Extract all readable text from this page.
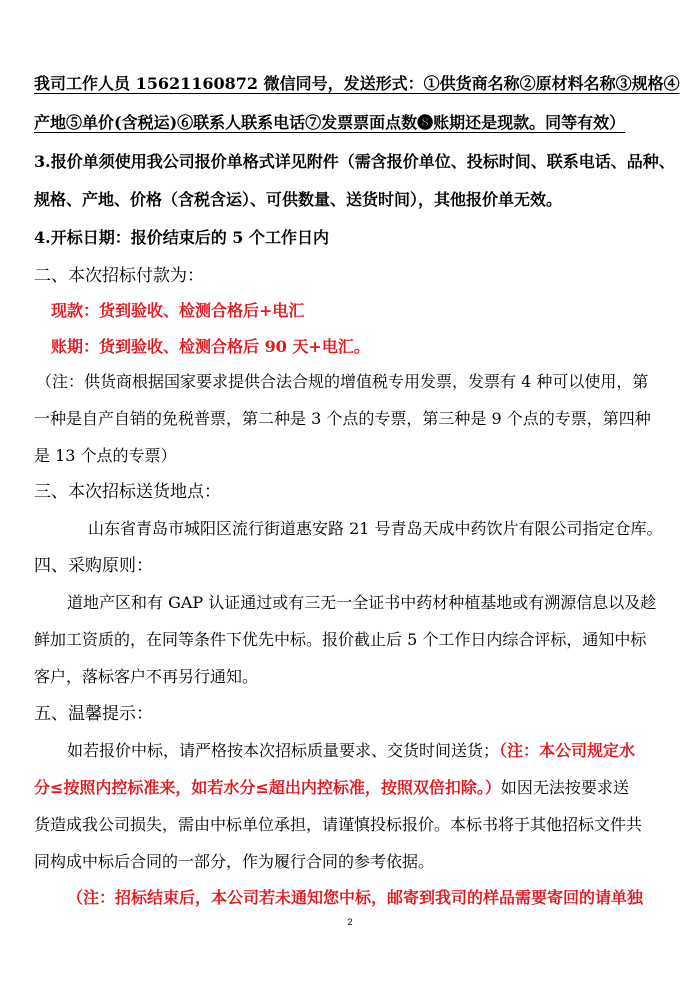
我司工作人员 15621160872 微信同号，发送形式：①供货商名称②原材料名称③规格④
产地⑤单价(含税运)⑥联系人联系电话⑦发票票面点数❽账期还是现款。同等有效）
3.报价单须使用我公司报价单格式详见附件（需含报价单位、投标时间、联系电话、品种、
规格、产地、价格（含税含运）、可供数量、送货时间），其他报价单无效。
4.开标日期：报价结束后的 5 个工作日内
二、本次招标付款为：
现款：货到验收、检测合格后+电汇
账期：货到验收、检测合格后 90 天+电汇。
（注：供货商根据国家要求提供合法合规的增值税专用发票，发票有 4 种可以使用，第
一种是自产自销的免税普票，第二种是 3 个点的专票，第三种是 9 个点的专票，第四种
是 13 个点的专票）
三、本次招标送货地点：
山东省青岛市城阳区流行街道惠安路 21 号青岛天成中药饮片有限公司指定仓库。
四、采购原则：
道地产区和有 GAP 认证通过或有三无一全证书中药材种植基地或有溯源信息以及趁
鲜加工资质的，在同等条件下优先中标。报价截止后 5 个工作日内综合评标，通知中标
客户，落标客户不再另行通知。
五、温馨提示：
如若报价中标，请严格按本次招标质量要求、交货时间送货；（注：本公司规定水
分≤按照内控标准来，如若水分≤超出内控标准，按照双倍扣除。）如因无法按要求送
货造成我公司损失，需由中标单位承担，请谨慎投标报价。本标书将于其他招标文件共
同构成中标后合同的一部分，作为履行合同的参考依据。
（注：招标结束后，本公司若未通知您中标，邮寄到我司的样品需要寄回的请单独
2
